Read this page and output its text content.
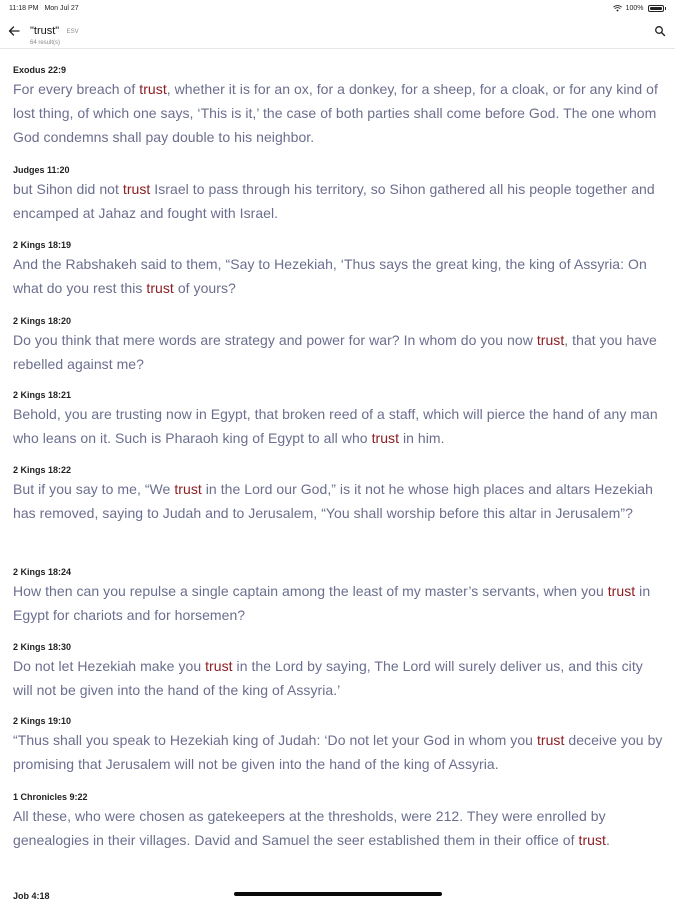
11:18 PM Mon Jul 27	100%
"trust" ESV
64 result(s)

Exodus 22:9

For every breach of trust, whether it is for an ox, for a donkey, for a sheep, for a cloak, or for any kind of lost thing, of which one says, ‘This is it,’ the case of both parties shall come before God. The one whom God condemns shall pay double to his neighbor.

Judges 11:20

but Sihon did not trust Israel to pass through his territory, so Sihon gathered all his people together and encamped at Jahaz and fought with Israel.

2 Kings 18:19

And the Rabshakeh said to them, “Say to Hezekiah, ‘Thus says the great king, the king of Assyria: On what do you rest this trust of yours?

2 Kings 18:20

Do you think that mere words are strategy and power for war? In whom do you now trust, that you have rebelled against me?

2 Kings 18:21

Behold, you are trusting now in Egypt, that broken reed of a staff, which will pierce the hand of any man who leans on it. Such is Pharaoh king of Egypt to all who trust in him.

2 Kings 18:22

But if you say to me, “We trust in the Lord our God,” is it not he whose high places and altars Hezekiah has removed, saying to Judah and to Jerusalem, “You shall worship before this altar in Jerusalem”?

2 Kings 18:24

How then can you repulse a single captain among the least of my master’s servants, when you trust in Egypt for chariots and for horsemen?

2 Kings 18:30

Do not let Hezekiah make you trust in the Lord by saying, The Lord will surely deliver us, and this city will not be given into the hand of the king of Assyria.’

2 Kings 19:10

“Thus shall you speak to Hezekiah king of Judah: ‘Do not let your God in whom you trust deceive you by promising that Jerusalem will not be given into the hand of the king of Assyria.

1 Chronicles 9:22

All these, who were chosen as gatekeepers at the thresholds, were 212. They were enrolled by genealogies in their villages. David and Samuel the seer established them in their office of trust.

Job 4:18
